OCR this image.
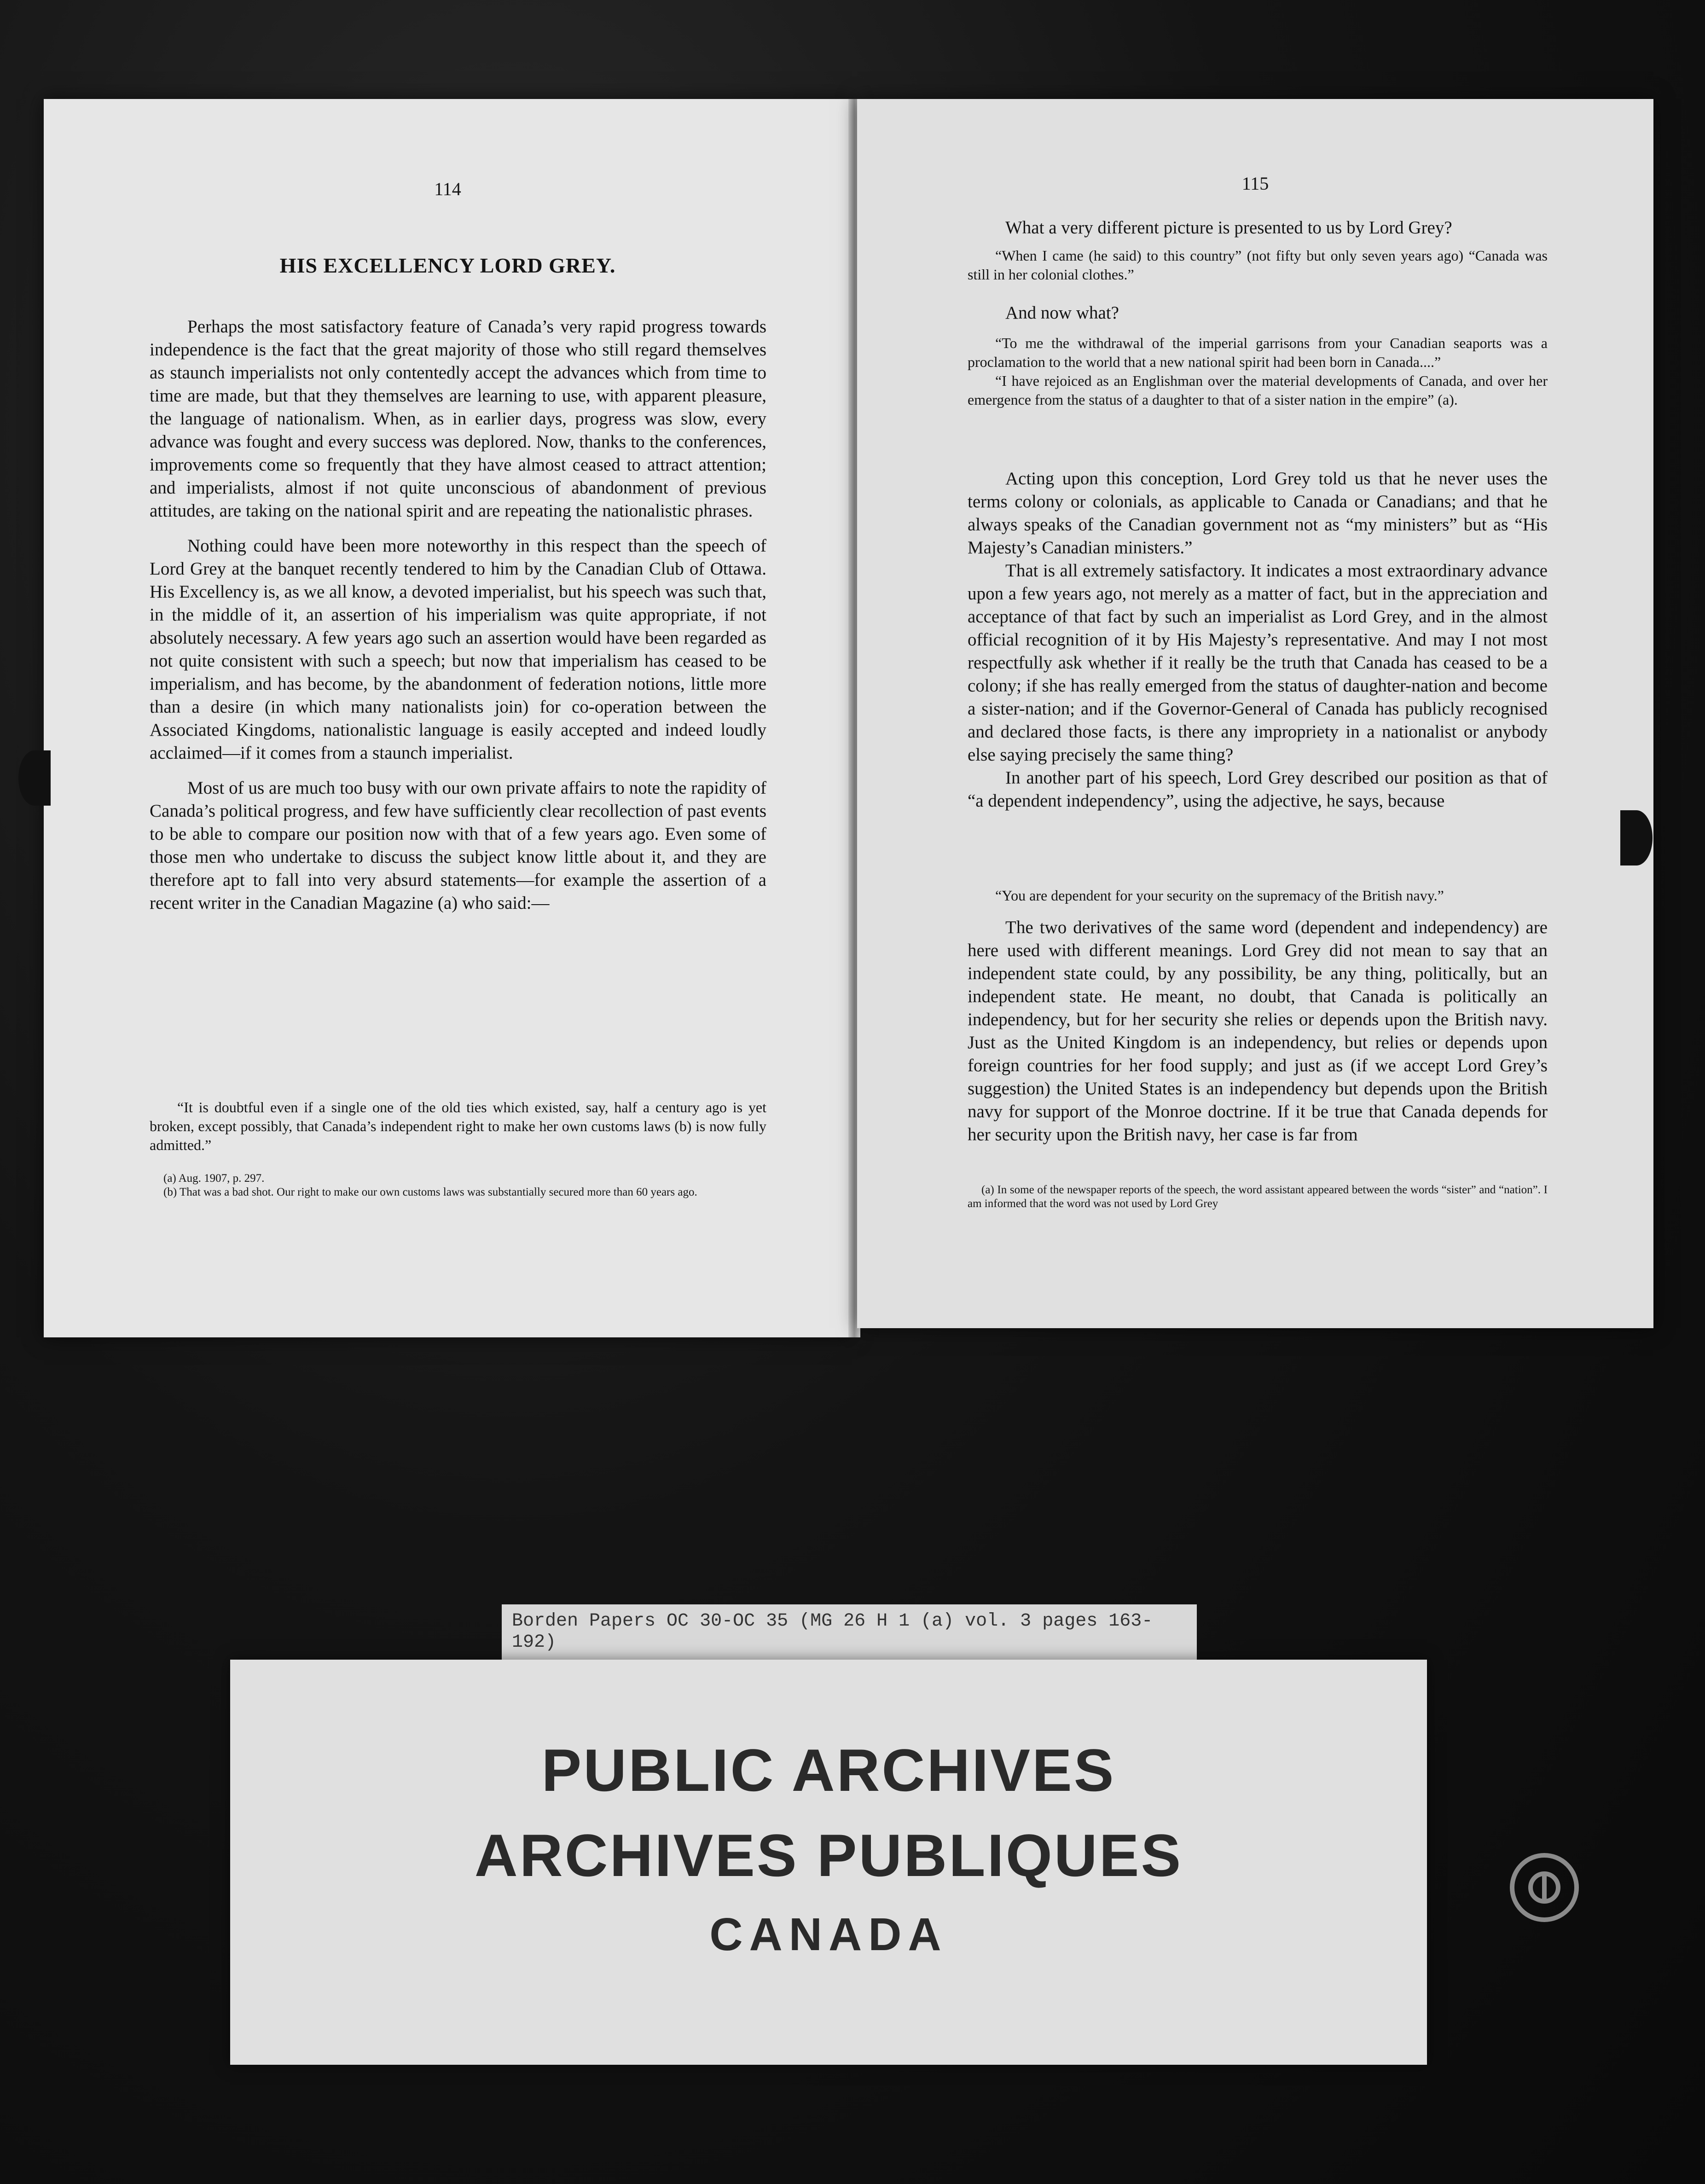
114
HIS EXCELLENCY LORD GREY.

Perhaps the most satisfactory feature of Canada’s very rapid progress towards independence is the fact that the great majority of those who still regard themselves as staunch imperialists not only contentedly accept the advances which from time to time are made, but that they themselves are learning to use, with apparent pleasure, the language of nationalism. When, as in earlier days, progress was slow, every advance was fought and every success was deplored. Now, thanks to the conferences, improvements come so frequently that they have almost ceased to attract attention; and imperialists, almost if not quite unconscious of abandonment of previous attitudes, are taking on the national spirit and are repeating the nationalistic phrases.

Nothing could have been more noteworthy in this respect than the speech of Lord Grey at the banquet recently tendered to him by the Canadian Club of Ottawa. His Excellency is, as we all know, a devoted imperialist, but his speech was such that, in the middle of it, an assertion of his imperialism was quite appropriate, if not absolutely necessary. A few years ago such an assertion would have been regarded as not quite consistent with such a speech; but now that imperialism has ceased to be imperialism, and has become, by the abandonment of federation notions, little more than a desire (in which many nationalists join) for co-operation between the Associated Kingdoms, nationalistic language is easily accepted and indeed loudly acclaimed—if it comes from a staunch imperialist.

Most of us are much too busy with our own private affairs to note the rapidity of Canada’s political progress, and few have sufficiently clear recollection of past events to be able to compare our position now with that of a few years ago. Even some of those men who undertake to discuss the subject know little about it, and they are therefore apt to fall into very absurd statements—for example the assertion of a recent writer in the Canadian Magazine (a) who said:—

“It is doubtful even if a single one of the old ties which existed, say, half a century ago is yet broken, except possibly, that Canada’s independent right to make her own customs laws (b) is now fully admitted.”

(a) Aug. 1907, p. 297.

(b) That was a bad shot. Our right to make our own customs laws was substantially secured more than 60 years ago.

115

What a very different picture is presented to us by Lord Grey?

“When I came (he said) to this country” (not fifty but only seven years ago) “Canada was still in her colonial clothes.”

And now what?

“To me the withdrawal of the imperial garrisons from your Canadian seaports was a proclamation to the world that a new national spirit had been born in Canada....”

“I have rejoiced as an Englishman over the material developments of Canada, and over her emergence from the status of a daughter to that of a sister nation in the empire” (a).

Acting upon this conception, Lord Grey told us that he never uses the terms colony or colonials, as applicable to Canada or Canadians; and that he always speaks of the Canadian government not as “my ministers” but as “His Majesty’s Canadian ministers.”

That is all extremely satisfactory. It indicates a most extraordinary advance upon a few years ago, not merely as a matter of fact, but in the appreciation and acceptance of that fact by such an imperialist as Lord Grey, and in the almost official recognition of it by His Majesty’s representative. And may I not most respectfully ask whether if it really be the truth that Canada has ceased to be a colony; if she has really emerged from the status of daughter-nation and become a sister-nation; and if the Governor-General of Canada has publicly recognised and declared those facts, is there any impropriety in a nationalist or anybody else saying precisely the same thing?

In another part of his speech, Lord Grey described our position as that of “a dependent independency”, using the adjective, he says, because

“You are dependent for your security on the supremacy of the British navy.”

The two derivatives of the same word (dependent and independency) are here used with different meanings. Lord Grey did not mean to say that an independent state could, by any possibility, be any thing, politically, but an independent state. He meant, no doubt, that Canada is politically an independency, but for her security she relies or depends upon the British navy. Just as the United Kingdom is an independency, but relies or depends upon foreign countries for her food supply; and just as (if we accept Lord Grey’s suggestion) the United States is an independency but depends upon the British navy for support of the Monroe doctrine. If it be true that Canada depends for her security upon the British navy, her case is far from

(a) In some of the newspaper reports of the speech, the word assistant appeared between the words “sister” and “nation”. I am informed that the word was not used by Lord Grey

Borden Papers OC 30-OC 35 (MG 26 H 1 (a) vol. 3 pages 163-
192)
PUBLIC ARCHIVES
ARCHIVES PUBLIQUES
CANADA
